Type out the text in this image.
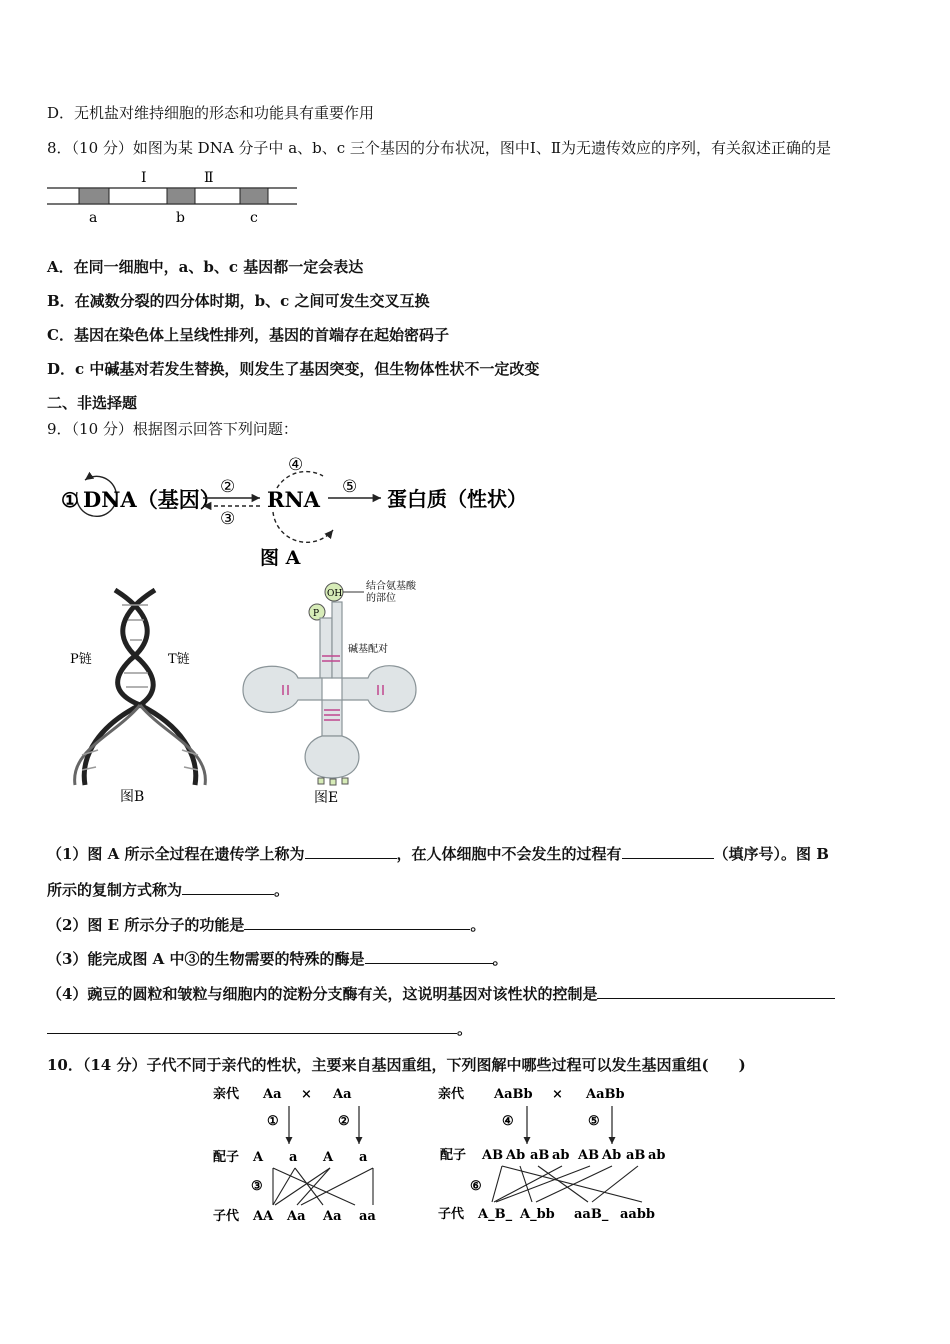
D．无机盐对维持细胞的形态和功能具有重要作用
8．（10 分）如图为某 DNA 分子中 a、b、c 三个基因的分布状况，图中Ⅰ、Ⅱ为无遗传效应的序列，有关叙述正确的是
Ⅰ	Ⅱ
a	b	c
A．在同一细胞中，a、b、c 基因都一定会表达
B．在减数分裂的四分体时期，b、c 之间可发生交叉互换
C．基因在染色体上呈线性排列，基因的首端存在起始密码子
D．c 中碱基对若发生替换，则发生了基因突变，但生物体性状不一定改变
二、非选择题
9．（10 分）根据图示回答下列问题：
① DNA（基因） ②
③
④
RNA ⑤ 蛋白质（性状）
图 A
P链	T链
图B
OH
P
结合氨基酸
的部位
碱基配对
图E
（1）图 A 所示全过程在遗传学上称为	，在人体细胞中不会发生的过程有	（填序号）。图 B
所示的复制方式称为	。
（2）图 E 所示分子的功能是	。
（3）能完成图 A 中③的生物需要的特殊的酶是	。
（4）豌豆的圆粒和皱粒与细胞内的淀粉分支酶有关，这说明基因对该性状的控制是
。
10．（14 分）子代不同于亲代的性状，主要来自基因重组，下列图解中哪些过程可以发生基因重组(　　)
亲代 Aa × Aa
①	②
配子 A a A a
③
子代 AA Aa Aa aa
亲代 AaBb × AaBb
④	⑤
配子 AB Ab aB ab AB Ab aB ab
⑥
子代 A_B_ A_bb aaB_ aabb
